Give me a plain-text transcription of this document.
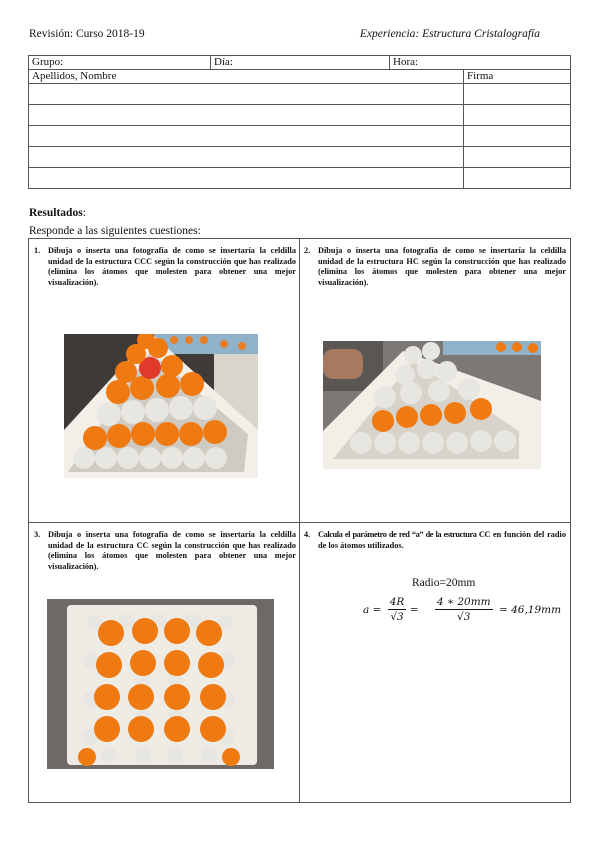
Revisión: Curso 2018-19	Experiencia: Estructura Cristalografía
Grupo:	Día:	Hora:	
Apellidos, Nombre			Firma

Resultados:
Responde a las siguientes cuestiones:
1. Dibuja o inserta una fotografía de como se insertaría la celdilla unidad de la estructura CCC según la construcción que has realizado (elimina los átomos que molesten para obtener una mejor visualización).
2. Dibuja o inserta una fotografía de como se insertaría la celdilla unidad de la estructura HC según la construcción que has realizado (elimina los átomos que molesten para obtener una mejor visualización).
3. Dibuja o inserta una fotografía de como se insertaría la celdilla unidad de la estructura CC según la construcción que has realizado (elimina los átomos que molesten para obtener una mejor visualización).
4. Calcula el parámetro de red “a” de la estructura CC en función del radio de los átomos utilizados.
Radio=20mm
$a = \frac{4R}{√3} = \frac{4 ∗ 20mm}{√3} = 46,19mm$
